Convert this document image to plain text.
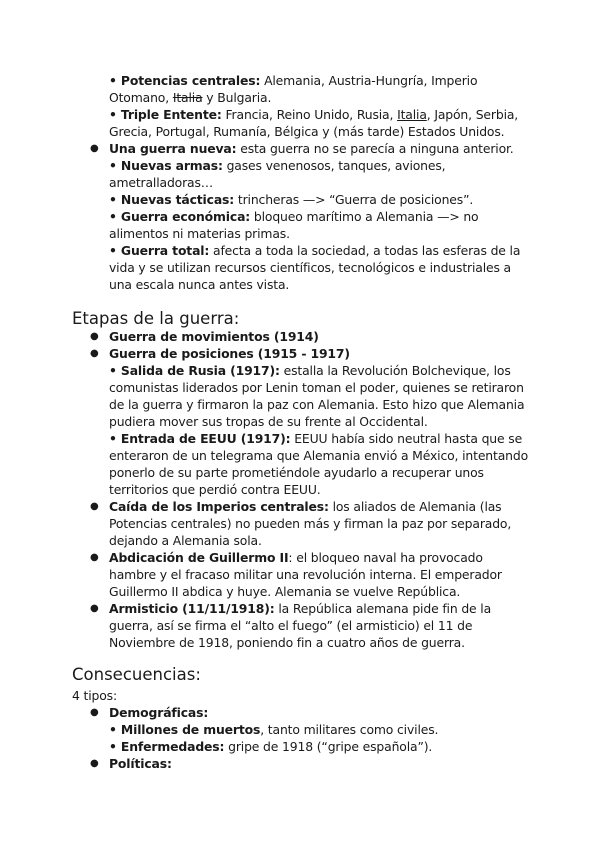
• Potencias centrales: Alemania, Austria-Hungría, Imperio
Otomano, Italia y Bulgaria.
• Triple Entente: Francia, Reino Unido, Rusia, Italia, Japón, Serbia,
Grecia, Portugal, Rumanía, Bélgica y (más tarde) Estados Unidos.
● Una guerra nueva: esta guerra no se parecía a ninguna anterior.
• Nuevas armas: gases venenosos, tanques, aviones,
ametralladoras…
• Nuevas tácticas: trincheras —> “Guerra de posiciones”.
• Guerra económica: bloqueo marítimo a Alemania —> no
alimentos ni materias primas.
• Guerra total: afecta a toda la sociedad, a todas las esferas de la
vida y se utilizan recursos científicos, tecnológicos e industriales a
una escala nunca antes vista.
Etapas de la guerra:
● Guerra de movimientos (1914)
● Guerra de posiciones (1915 - 1917)
• Salida de Rusia (1917): estalla la Revolución Bolchevique, los
comunistas liderados por Lenin toman el poder, quienes se retiraron
de la guerra y firmaron la paz con Alemania. Esto hizo que Alemania
pudiera mover sus tropas de su frente al Occidental.
• Entrada de EEUU (1917): EEUU había sido neutral hasta que se
enteraron de un telegrama que Alemania envió a México, intentando
ponerlo de su parte prometiéndole ayudarlo a recuperar unos
territorios que perdió contra EEUU.
● Caída de los Imperios centrales: los aliados de Alemania (las
Potencias centrales) no pueden más y firman la paz por separado,
dejando a Alemania sola.
● Abdicación de Guillermo II: el bloqueo naval ha provocado
hambre y el fracaso militar una revolución interna. El emperador
Guillermo II abdica y huye. Alemania se vuelve República.
● Armisticio (11/11/1918): la República alemana pide fin de la
guerra, así se firma el “alto el fuego” (el armisticio) el 11 de
Noviembre de 1918, poniendo fin a cuatro años de guerra.
Consecuencias:
4 tipos:
● Demográficas:
• Millones de muertos, tanto militares como civiles.
• Enfermedades: gripe de 1918 (“gripe española”).
● Políticas:
